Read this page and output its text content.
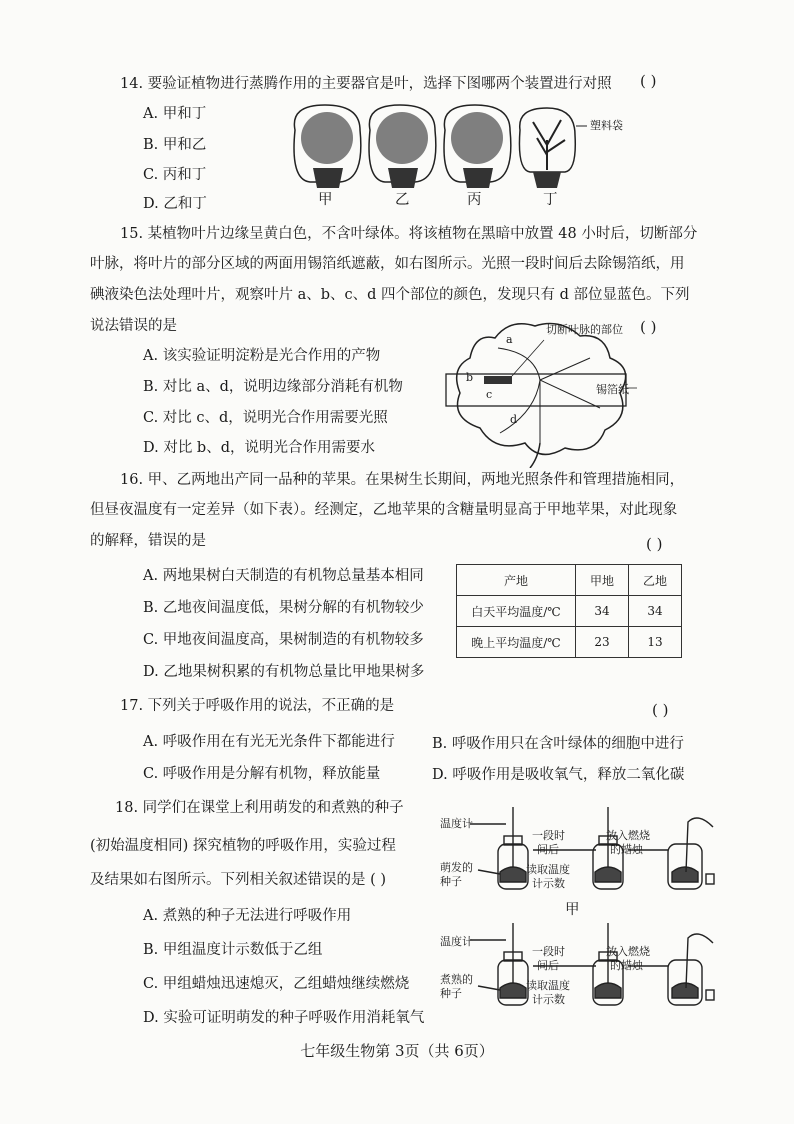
14. 要验证植物进行蒸腾作用的主要器官是叶，选择下图哪两个装置进行对照 ( )
A. 甲和丁
B. 甲和乙
C. 丙和丁
D. 乙和丁
塑料袋
甲	乙	丙	丁
15. 某植物叶片边缘呈黄白色，不含叶绿体。将该植物在黑暗中放置 48 小时后，切断部分
叶脉，将叶片的部分区域的两面用锡箔纸遮蔽，如右图所示。光照一段时间后去除锡箔纸，用
碘液染色法处理叶片，观察叶片 a、b、c、d 四个部位的颜色，发现只有 d 部位显蓝色。下列
说法错误的是	( )
A. 该实验证明淀粉是光合作用的产物
B. 对比 a、d，说明边缘部分消耗有机物
C. 对比 c、d，说明光合作用需要光照
D. 对比 b、d，说明光合作用需要水
切断叶脉的部位
锡箔纸
a
b
c
d
16. 甲、乙两地出产同一品种的苹果。在果树生长期间，两地光照条件和管理措施相同，
但昼夜温度有一定差异（如下表）。经测定，乙地苹果的含糖量明显高于甲地苹果，对此现象
的解释，错误的是	( )
A. 两地果树白天制造的有机物总量基本相同
B. 乙地夜间温度低，果树分解的有机物较少
C. 甲地夜间温度高，果树制造的有机物较多
D. 乙地果树积累的有机物总量比甲地果树多
产地	甲地	乙地
白天平均温度/℃	34	34
晚上平均温度/℃	23	13
17. 下列关于呼吸作用的说法，不正确的是	( )
A. 呼吸作用在有光无光条件下都能进行	B. 呼吸作用只在含叶绿体的细胞中进行
C. 呼吸作用是分解有机物，释放能量	D. 呼吸作用是吸收氧气，释放二氧化碳
18. 同学们在课堂上利用萌发的和煮熟的种子
(初始温度相同) 探究植物的呼吸作用，实验过程
及结果如右图所示。下列相关叙述错误的是 ( )
A. 煮熟的种子无法进行呼吸作用
B. 甲组温度计示数低于乙组
C. 甲组蜡烛迅速熄灭，乙组蜡烛继续燃烧
D. 实验可证明萌发的种子呼吸作用消耗氧气
温度计
萌发的
种子
一段时
间后
读取温度
计示数
放入燃烧
的蜡烛
甲
温度计
煮熟的
种子
一段时
间后
读取温度
计示数
放入燃烧
的蜡烛
七年级生物第 3页（共 6页）
